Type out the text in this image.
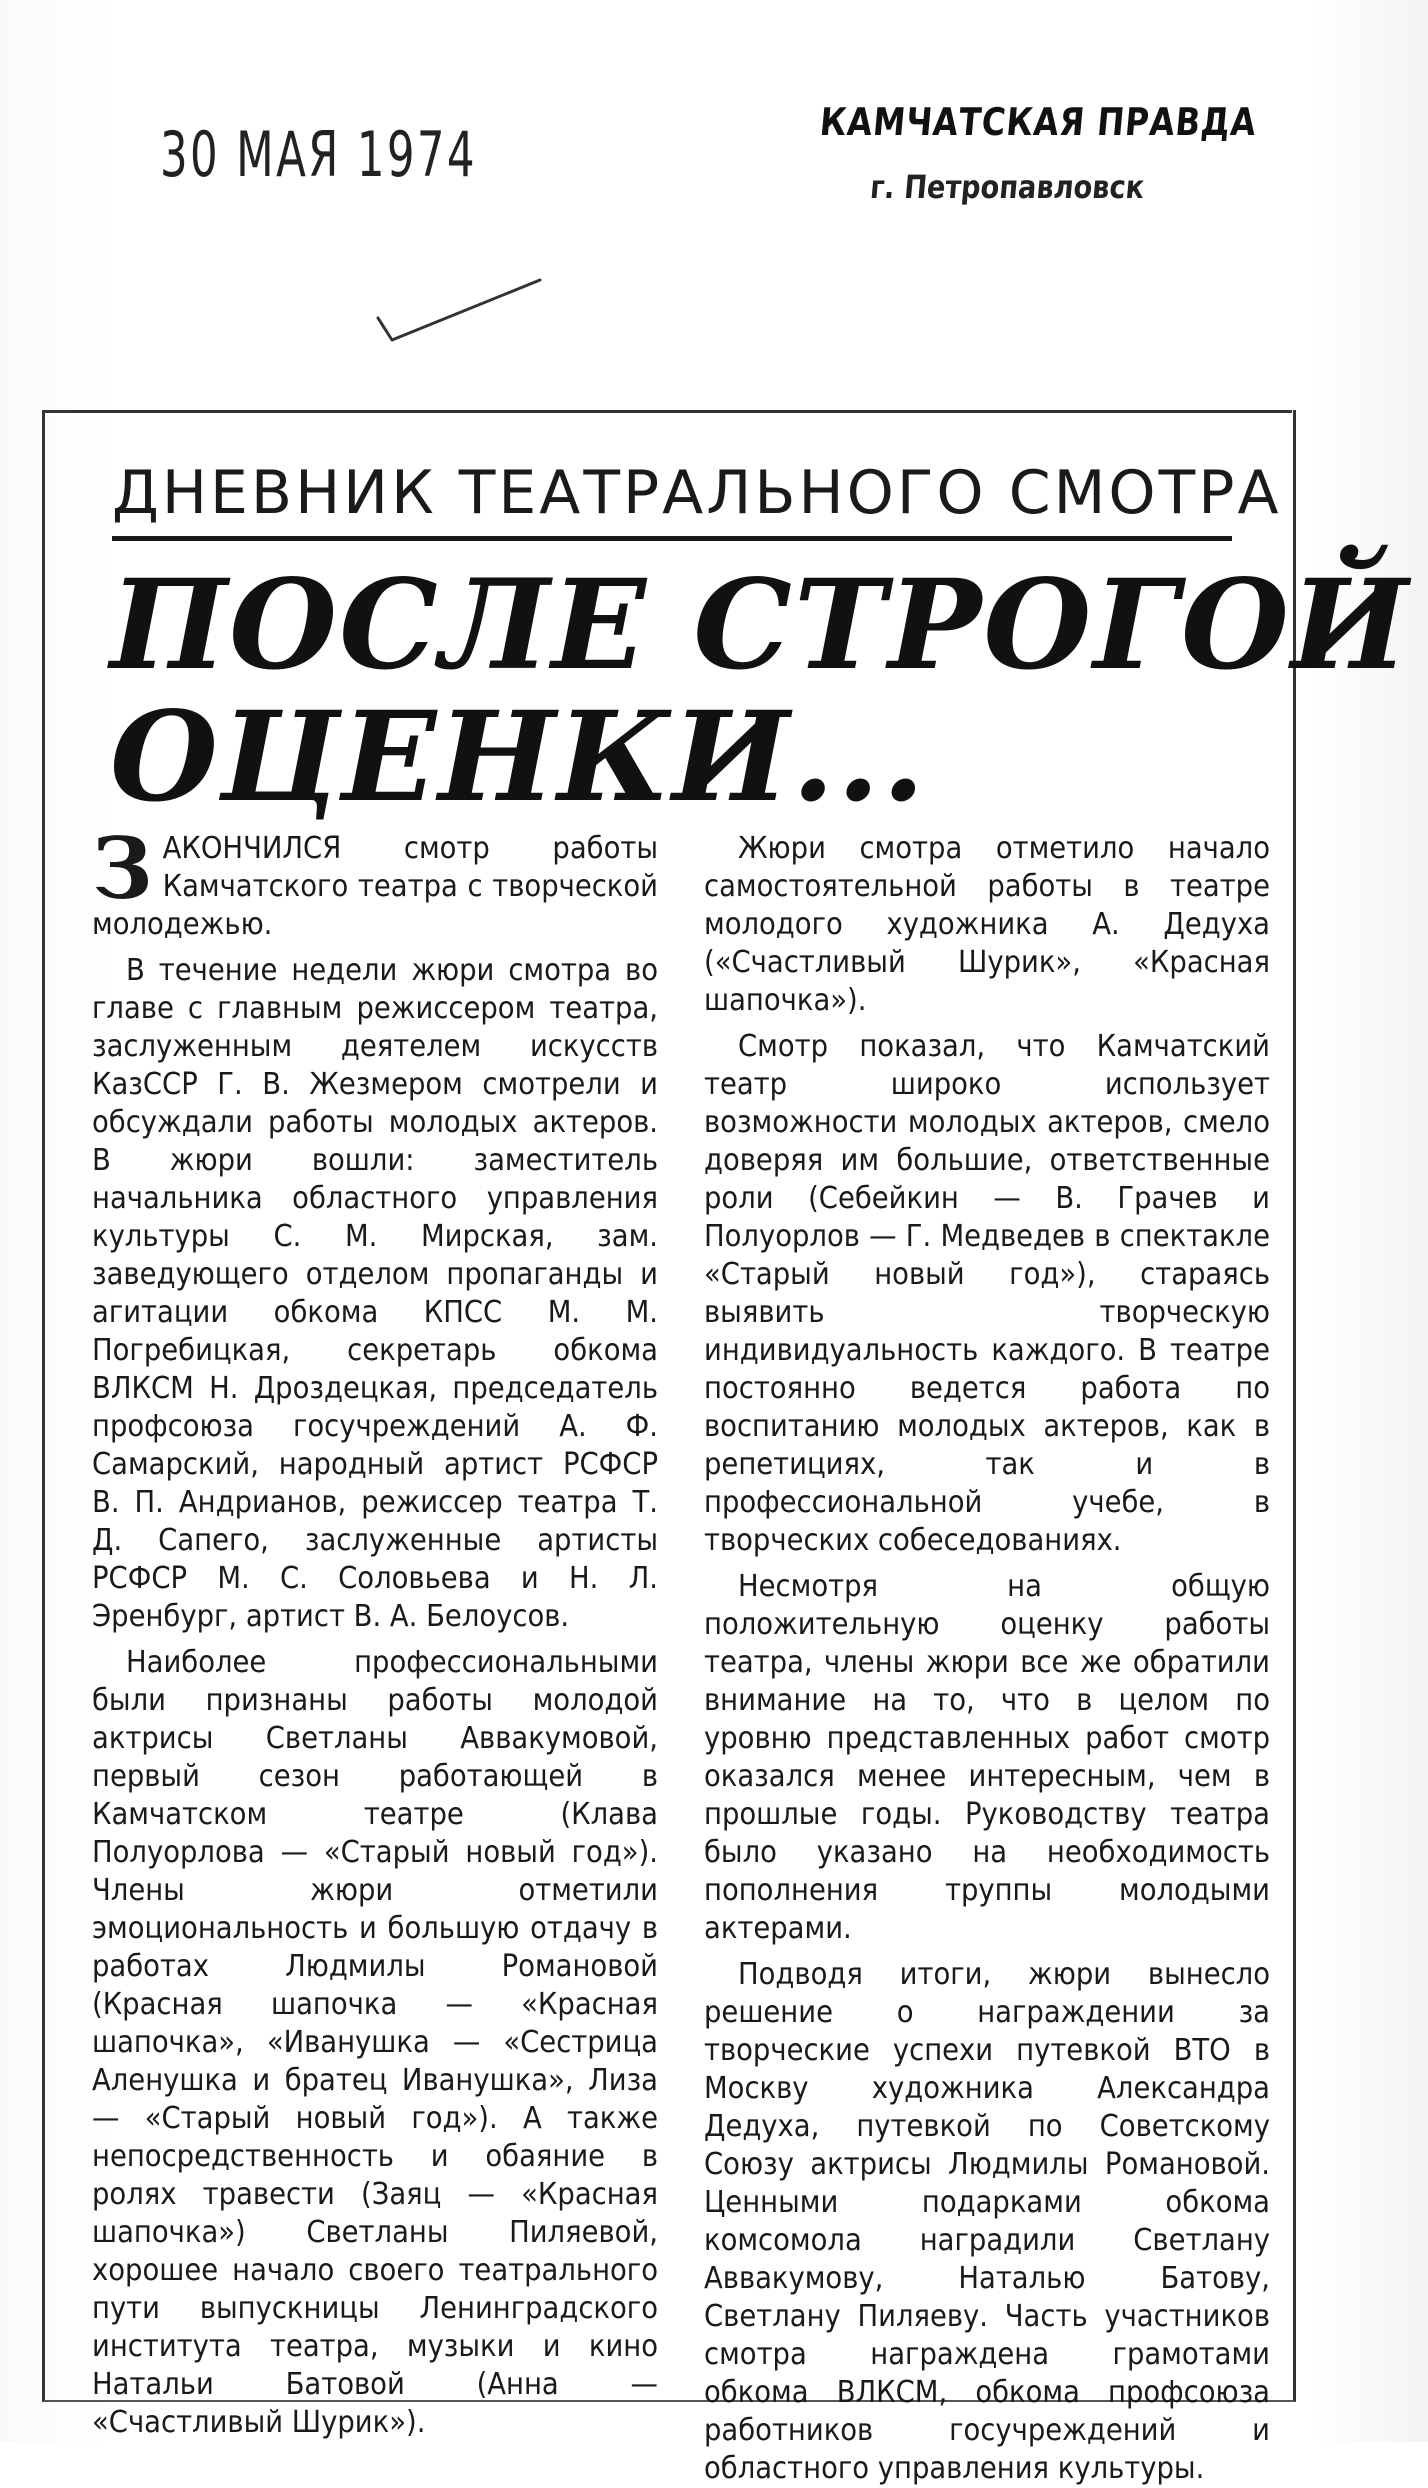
30 МАЯ 1974	КАМЧАТСКАЯ ПРАВДА
г. Петропавловск
ДНЕВНИК ТЕАТРАЛЬНОГО СМОТРА
ПОСЛЕ СТРОГОЙ
ОЦЕНКИ...

ЗАКОНЧИЛСЯ смотр работы Камчатского театра с творческой молодежью.

В течение недели жюри смотра во главе с главным режиссером театра, заслуженным деятелем искусств КазССР Г. В. Жезмером смотрели и обсуждали работы молодых актеров. В жюри вошли: заместитель начальника областного управления культуры С. М. Мирская, зам. заведующего отделом пропаганды и агитации обкома КПСС М. М. Погребицкая, секретарь обкома ВЛКСМ Н. Дроздецкая, председатель профсоюза госучреждений А. Ф. Самарский, народный артист РСФСР В. П. Андрианов, режиссер театра Т. Д. Сапего, заслуженные артисты РСФСР М. С. Соловьева и Н. Л. Эренбург, артист В. А. Белоусов.

Наиболее профессиональными были признаны работы молодой актрисы Светланы Аввакумовой, первый сезон работающей в Камчатском театре (Клава Полуорлова — «Старый новый год»). Члены жюри отметили эмоциональность и большую отдачу в работах Людмилы Романовой (Красная шапочка — «Красная шапочка», «Иванушка — «Сестрица Аленушка и братец Иванушка», Лиза — «Старый новый год»). А также непосредственность и обаяние в ролях травести (Заяц — «Красная шапочка») Светланы Пиляевой, хорошее начало своего театрального пути выпускницы Ленинградского института театра, музыки и кино Натальи Батовой (Анна — «Счастливый Шурик»).

Жюри смотра отметило начало самостоятельной работы в театре молодого художника А. Дедуха («Счастливый Шурик», «Красная шапочка»).

Смотр показал, что Камчатский театр широко использует возможности молодых актеров, смело доверяя им большие, ответственные роли (Себейкин — В. Грачев и Полуорлов — Г. Медведев в спектакле «Старый новый год»), стараясь выявить творческую индивидуальность каждого. В театре постоянно ведется работа по воспитанию молодых актеров, как в репетициях, так и в профессиональной учебе, в творческих собеседованиях.

Несмотря на общую положительную оценку работы театра, члены жюри все же обратили внимание на то, что в целом по уровню представленных работ смотр оказался менее интересным, чем в прошлые годы. Руководству театра было указано на необходимость пополнения труппы молодыми актерами.

Подводя итоги, жюри вынесло решение о награждении за творческие успехи путевкой ВТО в Москву художника Александра Дедуха, путевкой по Советскому Союзу актрисы Людмилы Романовой. Ценными подарками обкома комсомола наградили Светлану Аввакумову, Наталью Батову, Светлану Пиляеву. Часть участников смотра награждена грамотами обкома ВЛКСМ, обкома профсоюза работников госучреждений и областного управления культуры.
